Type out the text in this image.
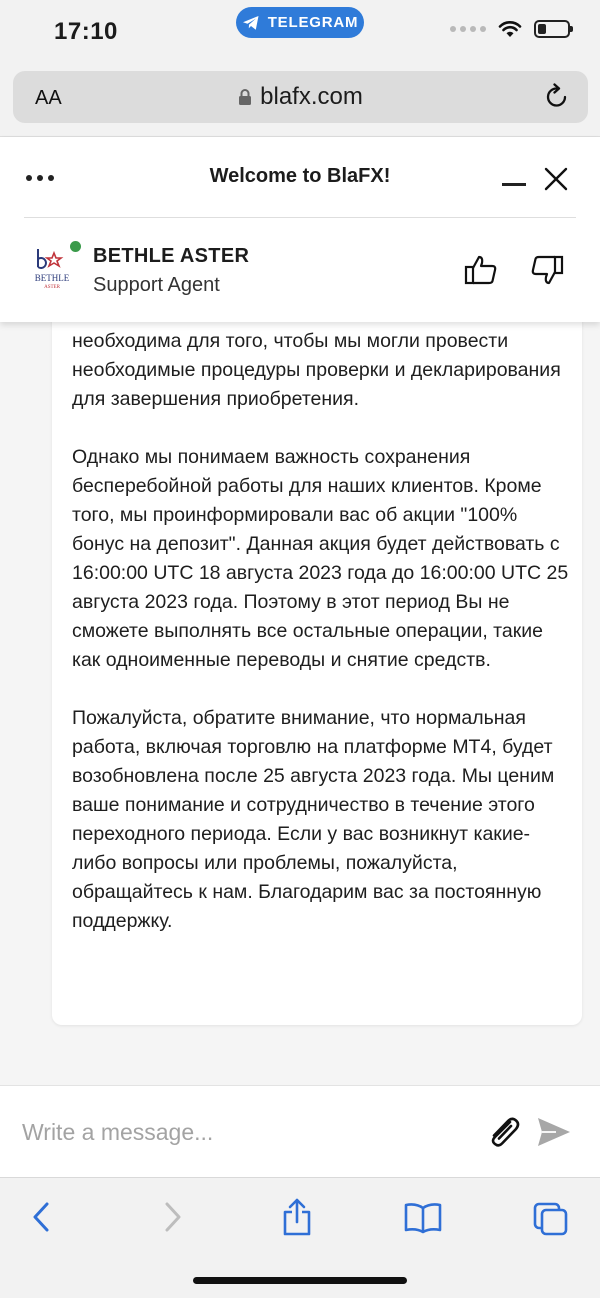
17:10	TELEGRAM
AA	blafx.com
Welcome to BlaFX!
BETHLE
ASTER
BETHLE ASTER
Support Agent

необходима для того, чтобы мы могли провести необходимые процедуры проверки и декларирования для завершения приобретения.

Однако мы понимаем важность сохранения бесперебойной работы для наших клиентов. Кроме того, мы проинформировали вас об акции "100% бонус на депозит". Данная акция будет действовать с 16:00:00 UTC 18 августа 2023 года до 16:00:00 UTC 25 августа 2023 года. Поэтому в этот период Вы не сможете выполнять все остальные операции, такие как одноименные переводы и снятие средств.

Пожалуйста, обратите внимание, что нормальная работа, включая торговлю на платформе МТ4, будет возобновлена после 25 августа 2023 года. Мы ценим ваше понимание и сотрудничество в течение этого переходного периода. Если у вас возникнут какие-либо вопросы или проблемы, пожалуйста, обращайтесь к нам. Благодарим вас за постоянную поддержку.

Write a message...
